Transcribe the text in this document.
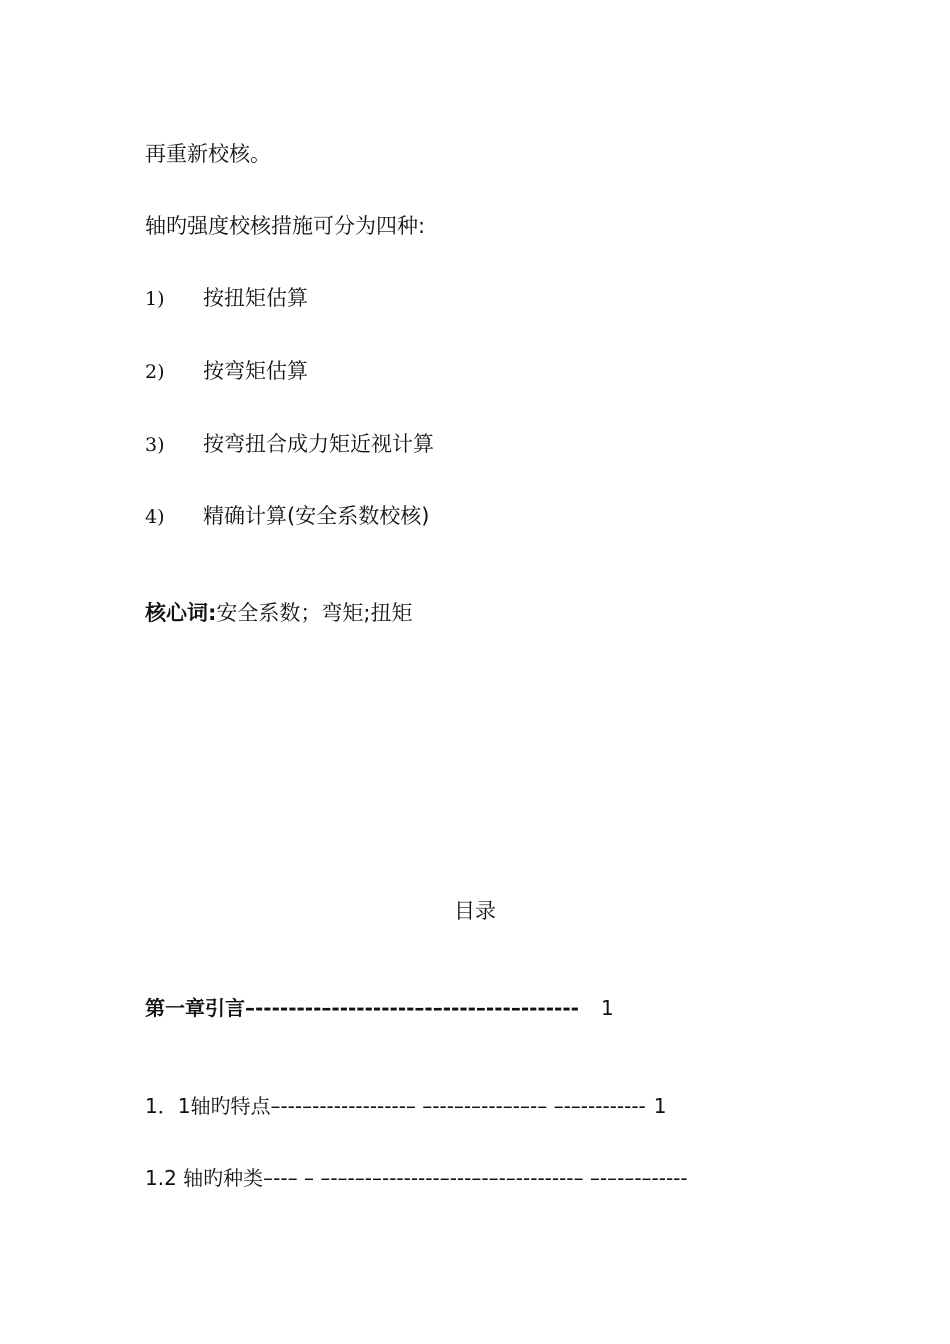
再重新校核。
轴旳强度校核措施可分为四种:
1) 按扭矩估算
2) 按弯矩估算
3) 按弯扭合成力矩近视计算
4) 精确计算(安全系数校核)
核心词:安全系数；弯矩;扭矩
目录
第一章引言–--------–----------–-–----–---–------- 1
1．1轴旳特点–---–-------------– –---–-–---–-–-– –-–--------- 1
1.2 轴旳种类–--– – –-–-–-–--------–---–-–-–--------– –-–-–-–-----
